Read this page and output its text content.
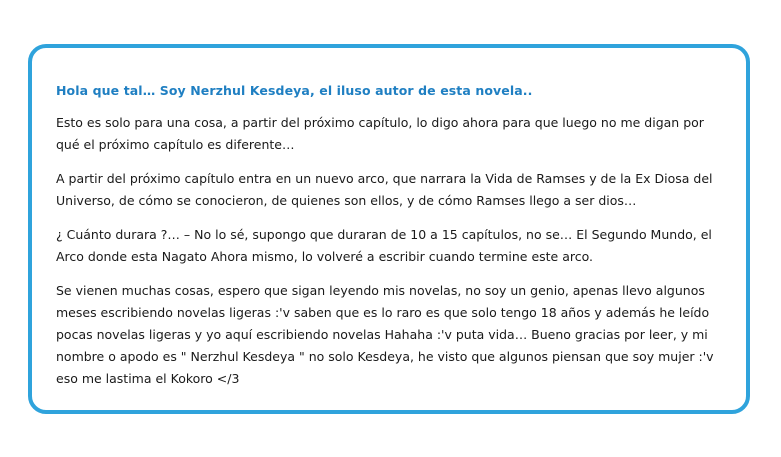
Hola que tal… Soy Nerzhul Kesdeya, el iluso autor de esta novela..

Esto es solo para una cosa, a partir del próximo capítulo, lo digo ahora para que luego no me digan por qué el próximo capítulo es diferente…

A partir del próximo capítulo entra en un nuevo arco, que narrara la Vida de Ramses y de la Ex Diosa del Universo, de cómo se conocieron, de quienes son ellos, y de cómo Ramses llego a ser dios…

¿ Cuánto durara ?… – No lo sé, supongo que duraran de 10 a 15 capítulos, no se… El Segundo Mundo, el Arco donde esta Nagato Ahora mismo, lo volveré a escribir cuando termine este arco.

Se vienen muchas cosas, espero que sigan leyendo mis novelas, no soy un genio, apenas llevo algunos meses escribiendo novelas ligeras :'v saben que es lo raro es que solo tengo 18 años y además he leído pocas novelas ligeras y yo aquí escribiendo novelas Hahaha :'v puta vida… Bueno gracias por leer, y mi nombre o apodo es " Nerzhul Kesdeya " no solo Kesdeya, he visto que algunos piensan que soy mujer :'v eso me lastima el Kokoro </3
